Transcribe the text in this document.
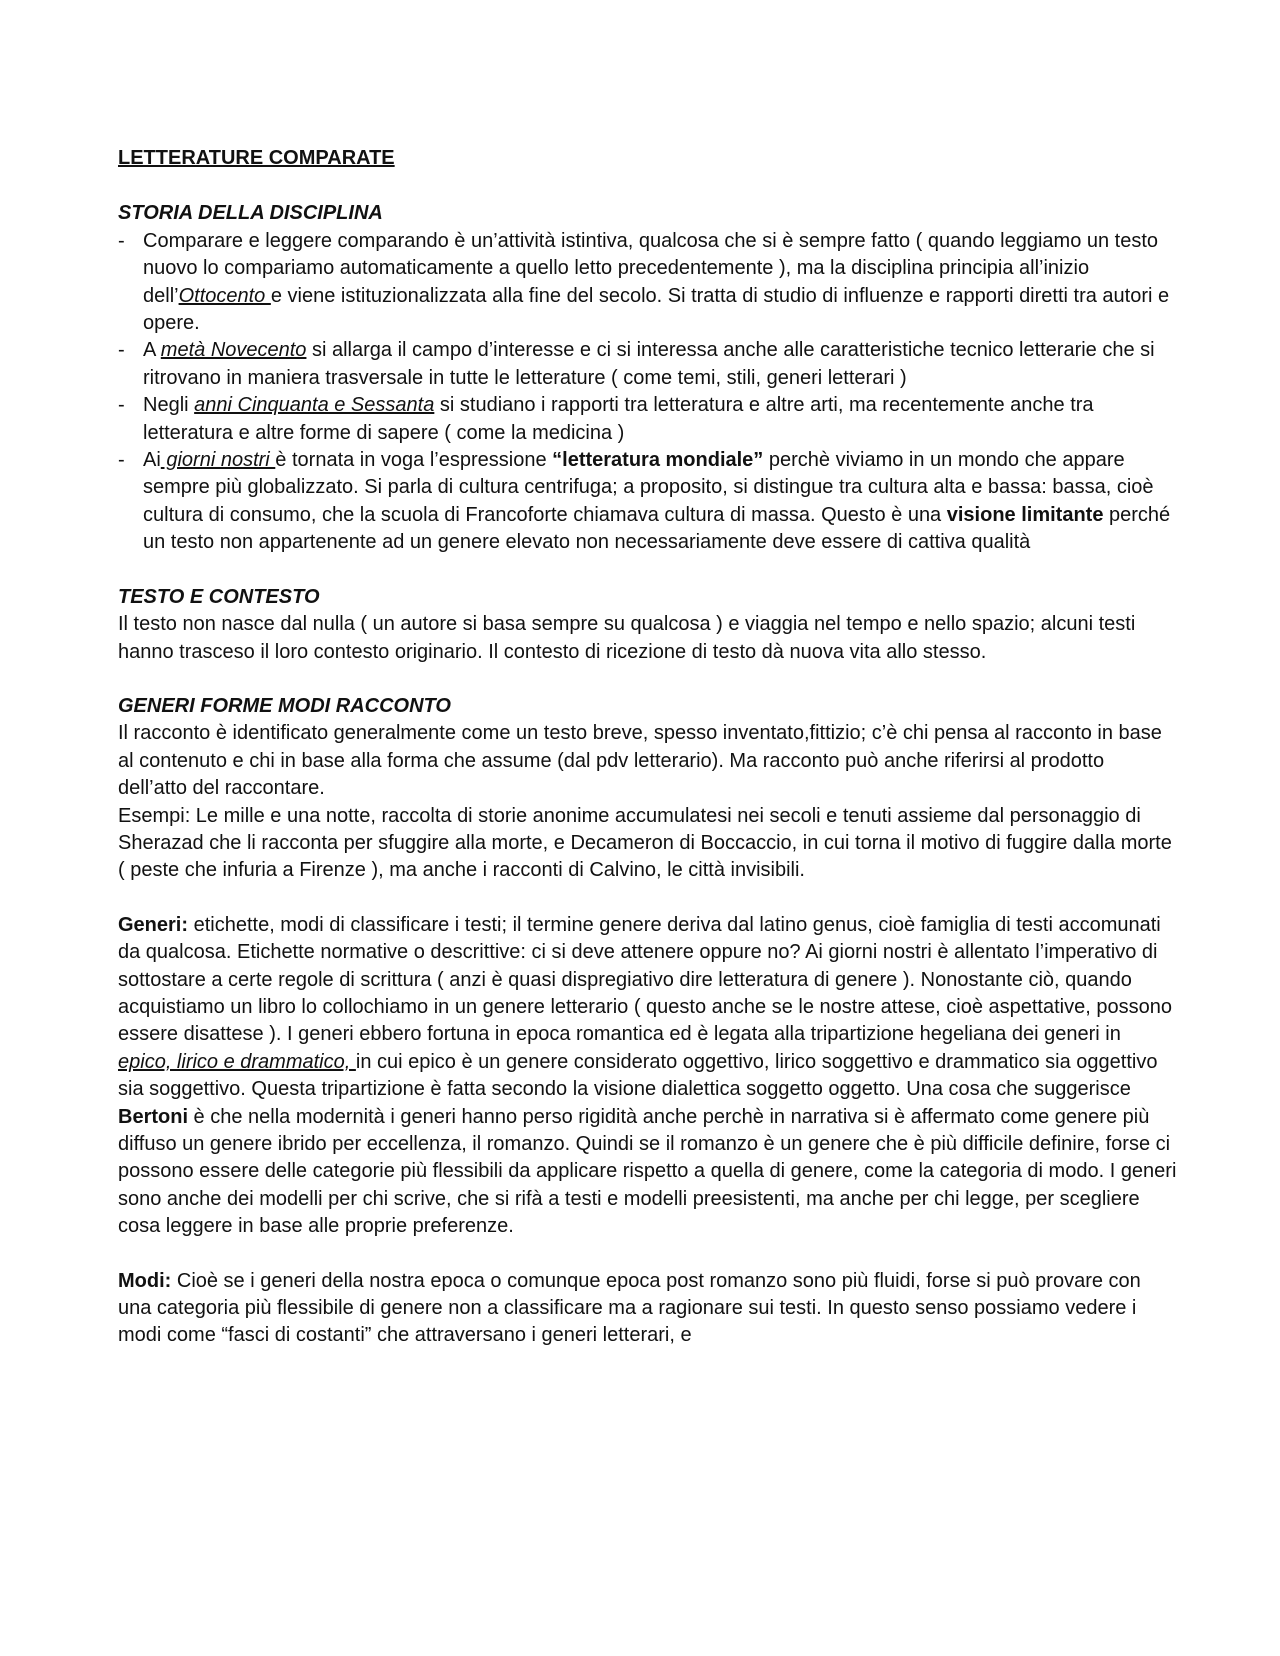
LETTERATURE COMPARATE
STORIA DELLA DISCIPLINA
- Comparare e leggere comparando è un’attività istintiva, qualcosa che si è sempre fatto ( quando leggiamo un testo nuovo lo compariamo automaticamente a quello letto precedentemente ), ma la disciplina principia all’inizio dell’Ottocento e viene istituzionalizzata alla fine del secolo. Si tratta di studio di influenze e rapporti diretti tra autori e opere.
- A metà Novecento si allarga il campo d’interesse e ci si interessa anche alle caratteristiche tecnico letterarie che si ritrovano in maniera trasversale in tutte le letterature ( come temi, stili, generi letterari )
- Negli anni Cinquanta e Sessanta si studiano i rapporti tra letteratura e altre arti, ma recentemente anche tra letteratura e altre forme di sapere ( come la medicina )
- Ai giorni nostri è tornata in voga l’espressione “letteratura mondiale” perchè viviamo in un mondo che appare sempre più globalizzato. Si parla di cultura centrifuga; a proposito, si distingue tra cultura alta e bassa: bassa, cioè cultura di consumo, che la scuola di Francoforte chiamava cultura di massa. Questo è una visione limitante perché un testo non appartenente ad un genere elevato non necessariamente deve essere di cattiva qualità
TESTO E CONTESTO

Il testo non nasce dal nulla ( un autore si basa sempre su qualcosa ) e viaggia nel tempo e nello spazio; alcuni testi hanno trasceso il loro contesto originario. Il contesto di ricezione di testo dà nuova vita allo stesso.

GENERI FORME MODI RACCONTO

Il racconto è identificato generalmente come un testo breve, spesso inventato,fittizio; c’è chi pensa al racconto in base al contenuto e chi in base alla forma che assume (dal pdv letterario). Ma racconto può anche riferirsi al prodotto dell’atto del raccontare.

Esempi: Le mille e una notte, raccolta di storie anonime accumulatesi nei secoli e tenuti assieme dal personaggio di Sherazad che li racconta per sfuggire alla morte, e Decameron di Boccaccio, in cui torna il motivo di fuggire dalla morte ( peste che infuria a Firenze ), ma anche i racconti di Calvino, le città invisibili.

Generi: etichette, modi di classificare i testi; il termine genere deriva dal latino genus, cioè famiglia di testi accomunati da qualcosa. Etichette normative o descrittive: ci si deve attenere oppure no? Ai giorni nostri è allentato l’imperativo di sottostare a certe regole di scrittura ( anzi è quasi dispregiativo dire letteratura di genere ). Nonostante ciò, quando acquistiamo un libro lo collochiamo in un genere letterario ( questo anche se le nostre attese, cioè aspettative, possono essere disattese ). I generi ebbero fortuna in epoca romantica ed è legata alla tripartizione hegeliana dei generi in epico, lirico e drammatico, in cui epico è un genere considerato oggettivo, lirico soggettivo e drammatico sia oggettivo sia soggettivo. Questa tripartizione è fatta secondo la visione dialettica soggetto oggetto. Una cosa che suggerisce Bertoni è che nella modernità i generi hanno perso rigidità anche perchè in narrativa si è affermato come genere più diffuso un genere ibrido per eccellenza, il romanzo. Quindi se il romanzo è un genere che è più difficile definire, forse ci possono essere delle categorie più flessibili da applicare rispetto a quella di genere, come la categoria di modo. I generi sono anche dei modelli per chi scrive, che si rifà a testi e modelli preesistenti, ma anche per chi legge, per scegliere cosa leggere in base alle proprie preferenze.

Modi: Cioè se i generi della nostra epoca o comunque epoca post romanzo sono più fluidi, forse si può provare con una categoria più flessibile di genere non a classificare ma a ragionare sui testi. In questo senso possiamo vedere i modi come “fasci di costanti” che attraversano i generi letterari, e
